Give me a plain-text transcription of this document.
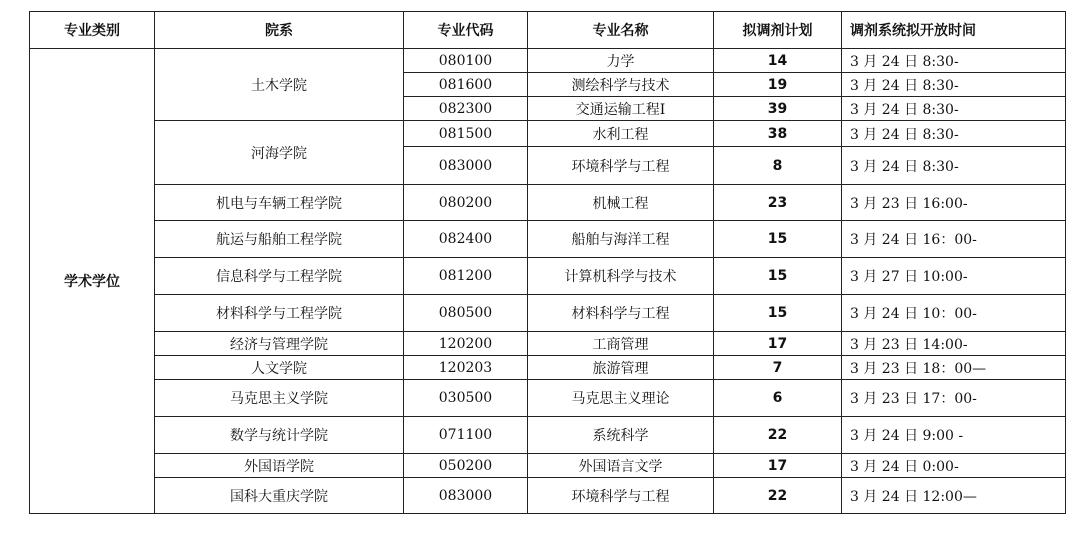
专业类别	院系	专业代码	专业名称	拟调剂计划	调剂系统拟开放时间
学术学位	土木学院	080100	力学	14	3 月 24 日 8:30-
		081600	测绘科学与技术	19	3 月 24 日 8:30-
		082300	交通运输工程Ⅰ	39	3 月 24 日 8:30-
	河海学院	081500	水利工程	38	3 月 24 日 8:30-
		083000	环境科学与工程	8	3 月 24 日 8:30-
	机电与车辆工程学院	080200	机械工程	23	3 月 23 日 16:00-
	航运与船舶工程学院	082400	船舶与海洋工程	15	3 月 24 日 16：00-
	信息科学与工程学院	081200	计算机科学与技术	15	3 月 27 日 10:00-
	材料科学与工程学院	080500	材料科学与工程	15	3 月 24 日 10：00-
	经济与管理学院	120200	工商管理	17	3 月 23 日 14:00-
	人文学院	120203	旅游管理	7	3 月 23 日 18：00—
	马克思主义学院	030500	马克思主义理论	6	3 月 23 日 17：00-
	数学与统计学院	071100	系统科学	22	3 月 24 日 9:00 -
	外国语学院	050200	外国语言文学	17	3 月 24 日 0:00-
	国科大重庆学院	083000	环境科学与工程	22	3 月 24 日 12:00—
